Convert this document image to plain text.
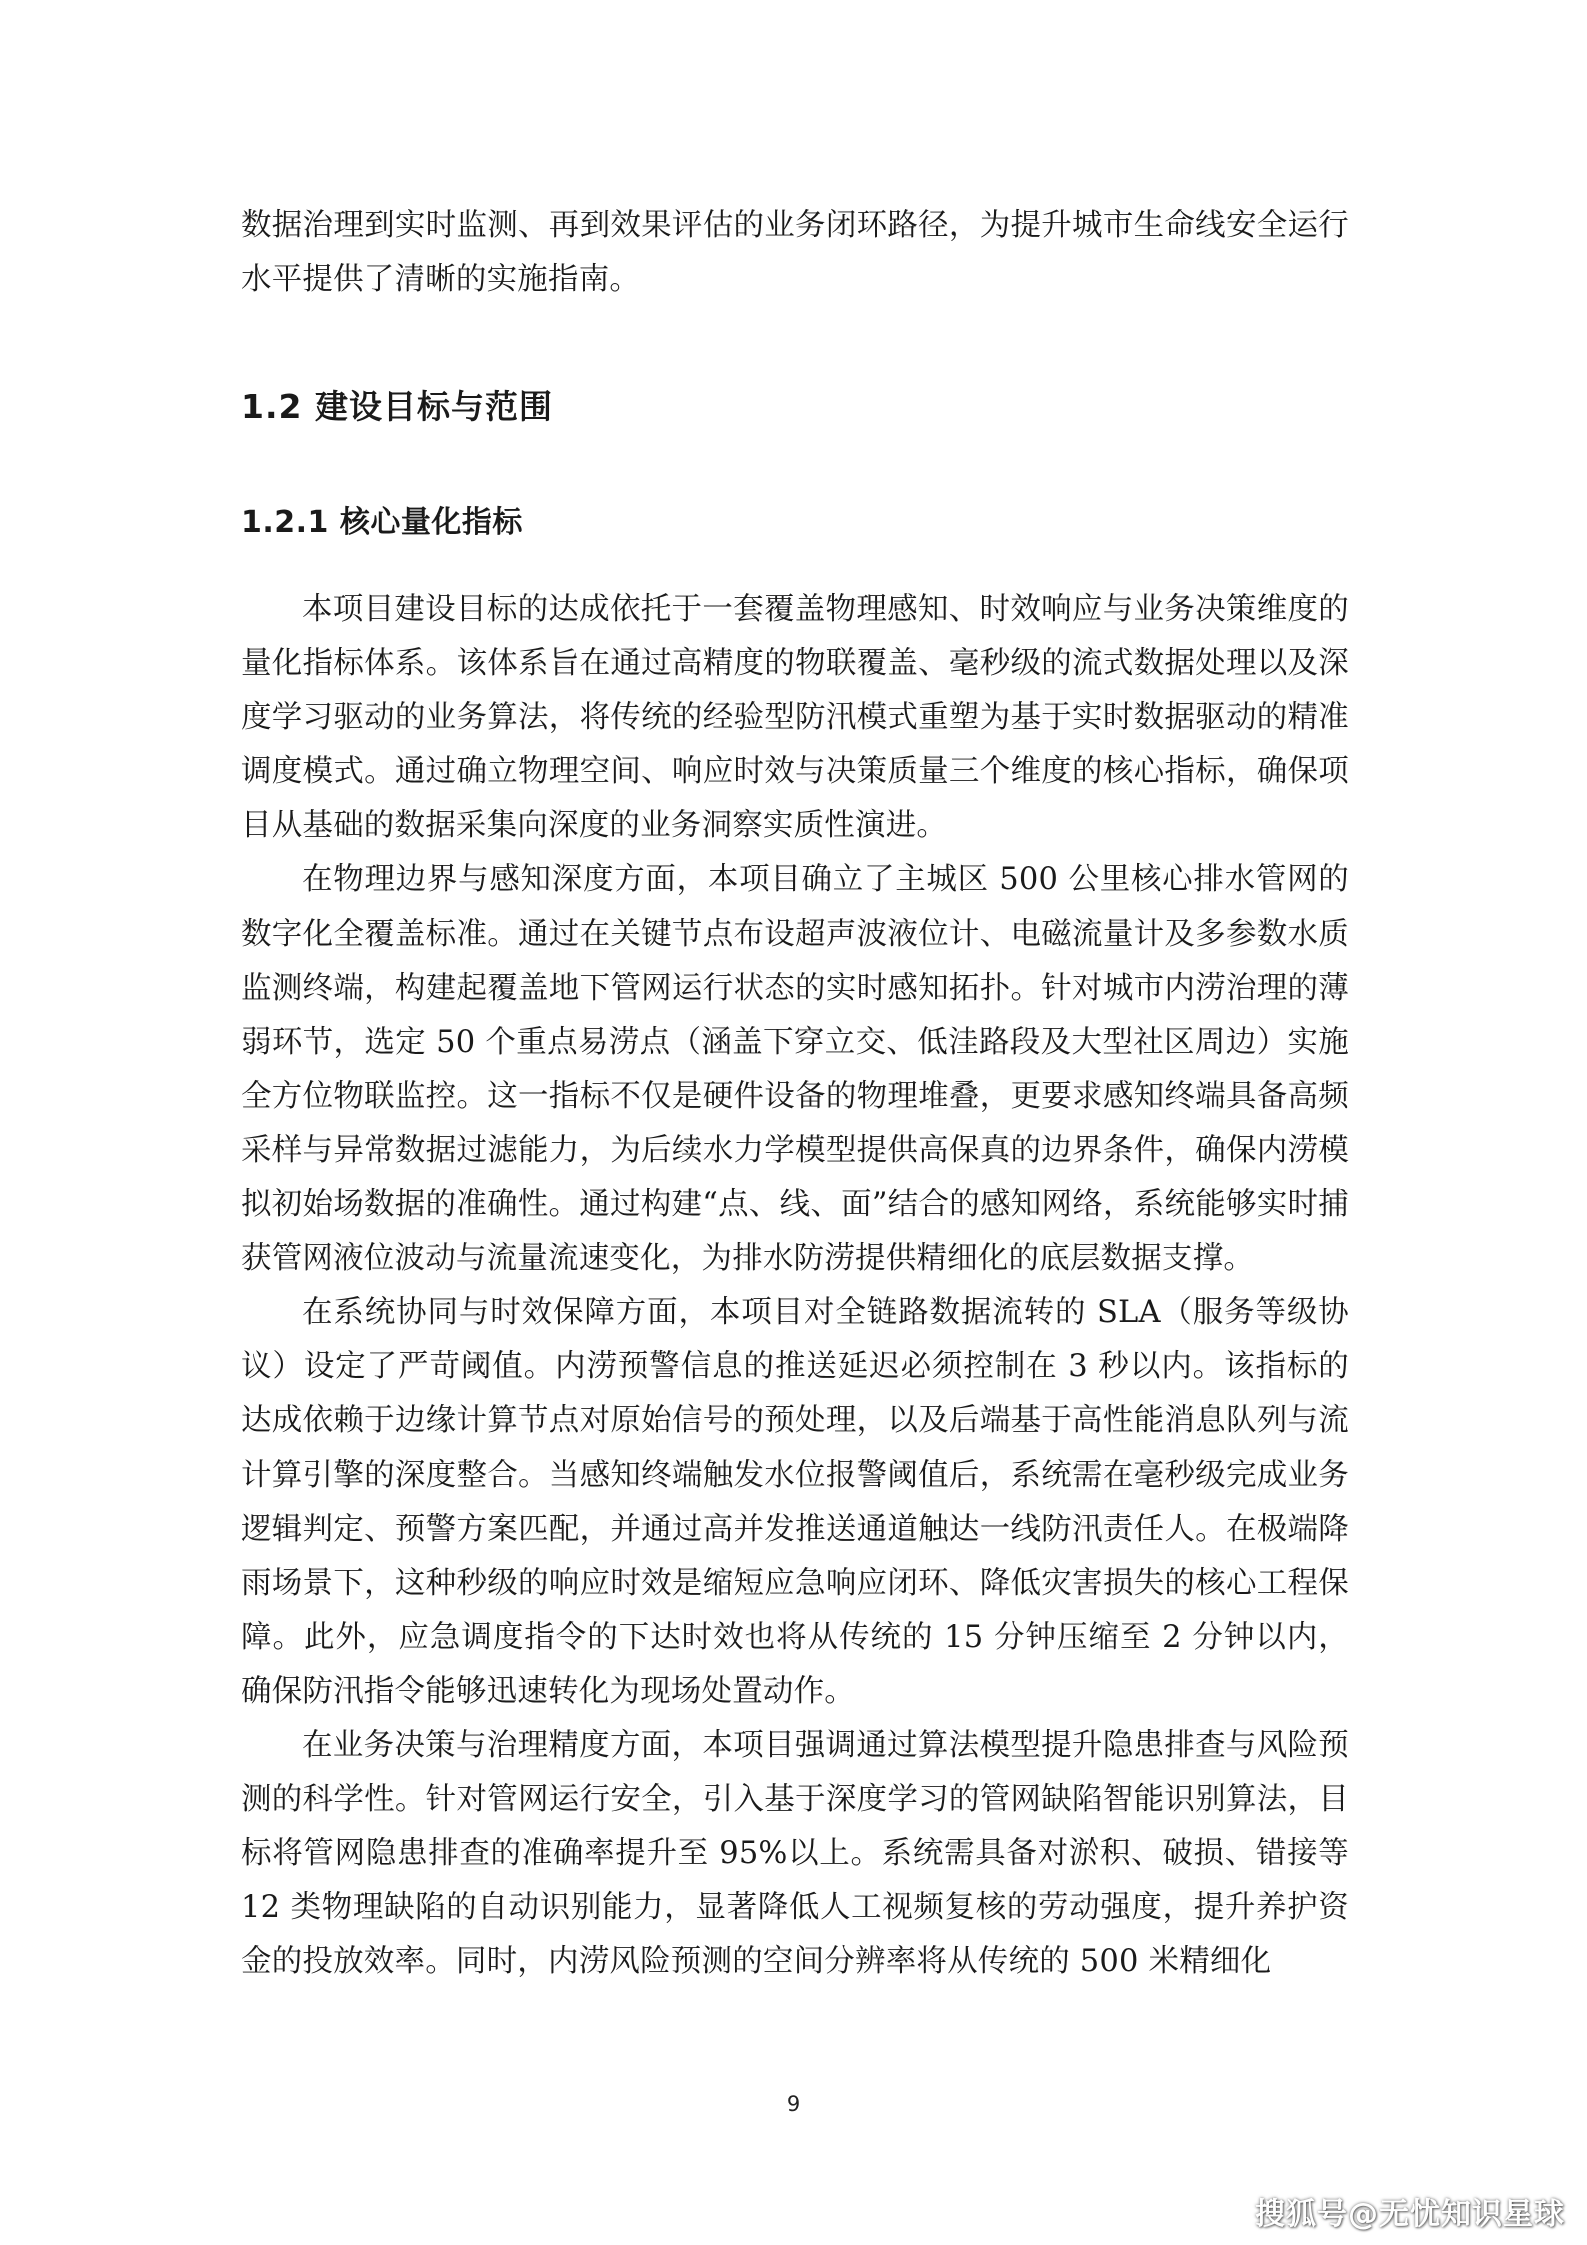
数据治理到实时监测、再到效果评估的业务闭环路径，为提升城市生命线安全运行水平提供了清晰的实施指南。

1.2 建设目标与范围
1.2.1 核心量化指标

本项目建设目标的达成依托于一套覆盖物理感知、时效响应与业务决策维度的量化指标体系。该体系旨在通过高精度的物联覆盖、毫秒级的流式数据处理以及深度学习驱动的业务算法，将传统的经验型防汛模式重塑为基于实时数据驱动的精准调度模式。通过确立物理空间、响应时效与决策质量三个维度的核心指标，确保项目从基础的数据采集向深度的业务洞察实质性演进。

在物理边界与感知深度方面，本项目确立了主城区 500 公里核心排水管网的数字化全覆盖标准。通过在关键节点布设超声波液位计、电磁流量计及多参数水质监测终端，构建起覆盖地下管网运行状态的实时感知拓扑。针对城市内涝治理的薄弱环节，选定 50 个重点易涝点（涵盖下穿立交、低洼路段及大型社区周边）实施全方位物联监控。这一指标不仅是硬件设备的物理堆叠，更要求感知终端具备高频采样与异常数据过滤能力，为后续水力学模型提供高保真的边界条件，确保内涝模拟初始场数据的准确性。通过构建“点、线、面”结合的感知网络，系统能够实时捕获管网液位波动与流量流速变化，为排水防涝提供精细化的底层数据支撑。

在系统协同与时效保障方面，本项目对全链路数据流转的 SLA（服务等级协议）设定了严苛阈值。内涝预警信息的推送延迟必须控制在 3 秒以内。该指标的达成依赖于边缘计算节点对原始信号的预处理，以及后端基于高性能消息队列与流计算引擎的深度整合。当感知终端触发水位报警阈值后，系统需在毫秒级完成业务逻辑判定、预警方案匹配，并通过高并发推送通道触达一线防汛责任人。在极端降雨场景下，这种秒级的响应时效是缩短应急响应闭环、降低灾害损失的核心工程保障。此外，应急调度指令的下达时效也将从传统的 15 分钟压缩至 2 分钟以内，确保防汛指令能够迅速转化为现场处置动作。

在业务决策与治理精度方面，本项目强调通过算法模型提升隐患排查与风险预测的科学性。针对管网运行安全，引入基于深度学习的管网缺陷智能识别算法，目标将管网隐患排查的准确率提升至 95%以上。系统需具备对淤积、破损、错接等 12 类物理缺陷的自动识别能力，显著降低人工视频复核的劳动强度，提升养护资金的投放效率。同时，内涝风险预测的空间分辨率将从传统的 500 米精细化

9
搜狐号@无忧知识星球
